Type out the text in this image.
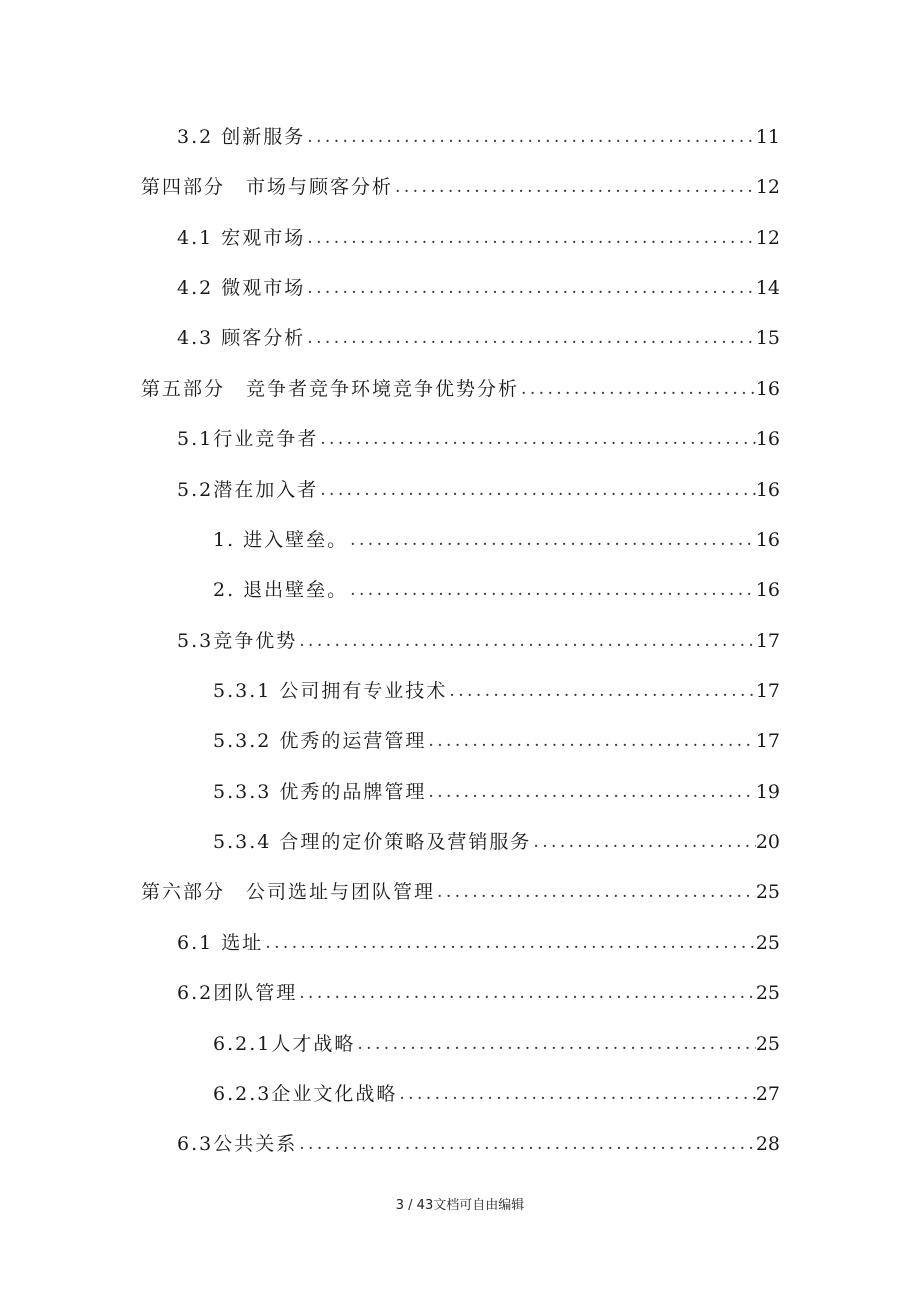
3.2 创新服务 . . .	11
第四部分　市场与顾客分析 . . .	12
4.1 宏观市场 . . .	12
4.2 微观市场 . . .	14
4.3 顾客分析 . . .	15
第五部分　竞争者竞争环境竞争优势分析 . . .	16
5.1行业竞争者 . . .	16
5.2潜在加入者 . . .	16
1. 进入壁垒。 . . .	16
2. 退出壁垒。 . . .	16
5.3竞争优势 . . .	17
5.3.1 公司拥有专业技术 . . .	17
5.3.2 优秀的运营管理 . . .	17
5.3.3 优秀的品牌管理 . . .	19
5.3.4 合理的定价策略及营销服务 . . .	20
第六部分　公司选址与团队管理 . . .	25
6.1 选址 . . .	25
6.2团队管理 . . .	25
6.2.1人才战略 . . .	25
6.2.3企业文化战略 . . .	27
6.3公共关系 . . .	28
3 / 43文档可自由编辑
